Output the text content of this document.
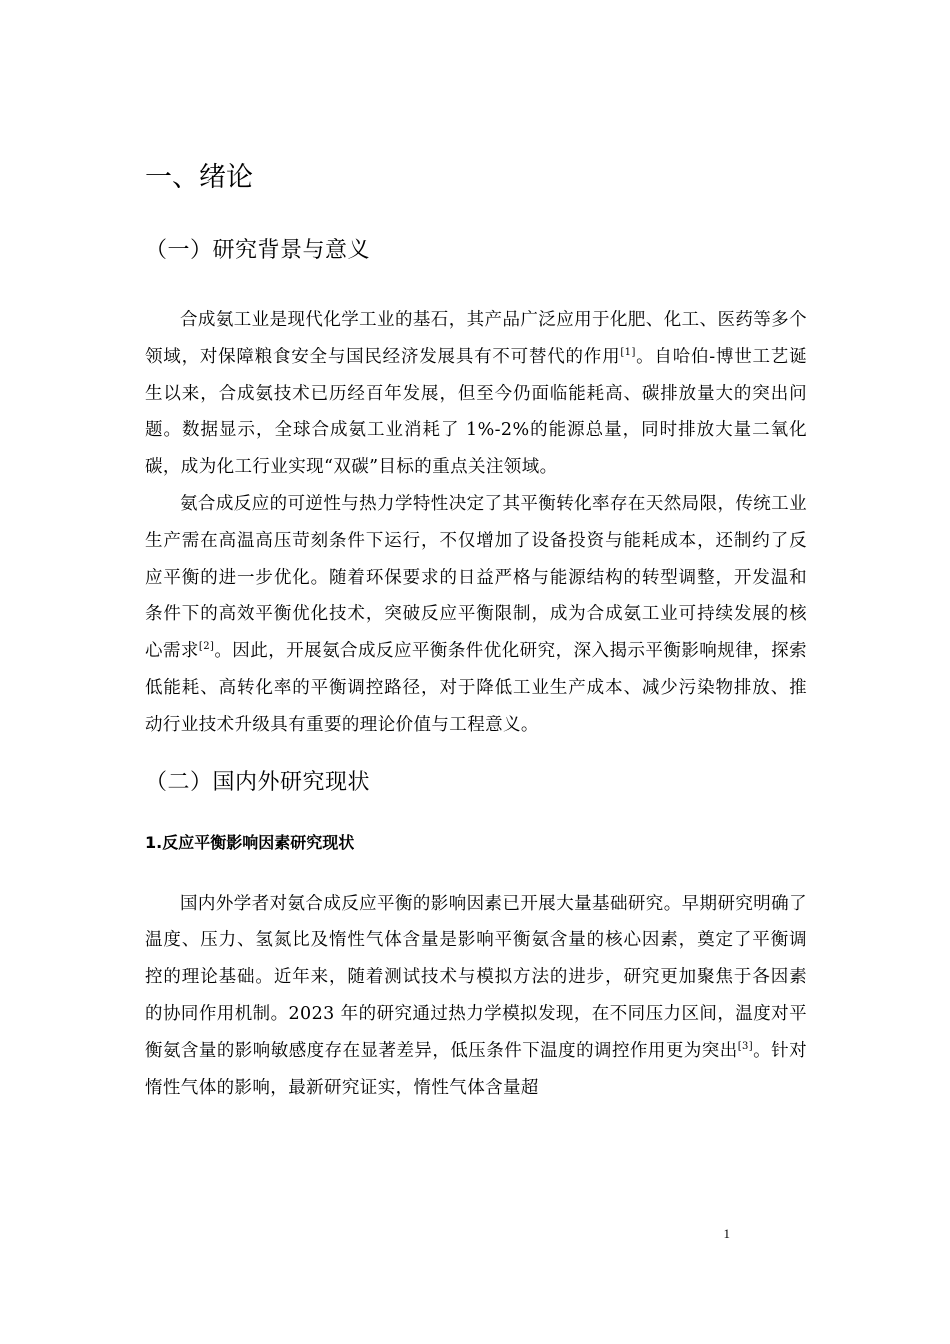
一、绪论
（一）研究背景与意义

合成氨工业是现代化学工业的基石，其产品广泛应用于化肥、化工、医药等多个领域，对保障粮食安全与国民经济发展具有不可替代的作用[1]。自哈伯-博世工艺诞生以来，合成氨技术已历经百年发展，但至今仍面临能耗高、碳排放量大的突出问题。数据显示，全球合成氨工业消耗了 1%-2%的能源总量，同时排放大量二氧化碳，成为化工行业实现“双碳”目标的重点关注领域。

氨合成反应的可逆性与热力学特性决定了其平衡转化率存在天然局限，传统工业生产需在高温高压苛刻条件下运行，不仅增加了设备投资与能耗成本，还制约了反应平衡的进一步优化。随着环保要求的日益严格与能源结构的转型调整，开发温和条件下的高效平衡优化技术，突破反应平衡限制，成为合成氨工业可持续发展的核心需求[2]。因此，开展氨合成反应平衡条件优化研究，深入揭示平衡影响规律，探索低能耗、高转化率的平衡调控路径，对于降低工业生产成本、减少污染物排放、推动行业技术升级具有重要的理论价值与工程意义。

（二）国内外研究现状
1.反应平衡影响因素研究现状

国内外学者对氨合成反应平衡的影响因素已开展大量基础研究。早期研究明确了温度、压力、氢氮比及惰性气体含量是影响平衡氨含量的核心因素，奠定了平衡调控的理论基础。近年来，随着测试技术与模拟方法的进步，研究更加聚焦于各因素的协同作用机制。2023 年的研究通过热力学模拟发现，在不同压力区间，温度对平衡氨含量的影响敏感度存在显著差异，低压条件下温度的调控作用更为突出[3]。针对惰性气体的影响，最新研究证实，惰性气体含量超

1
